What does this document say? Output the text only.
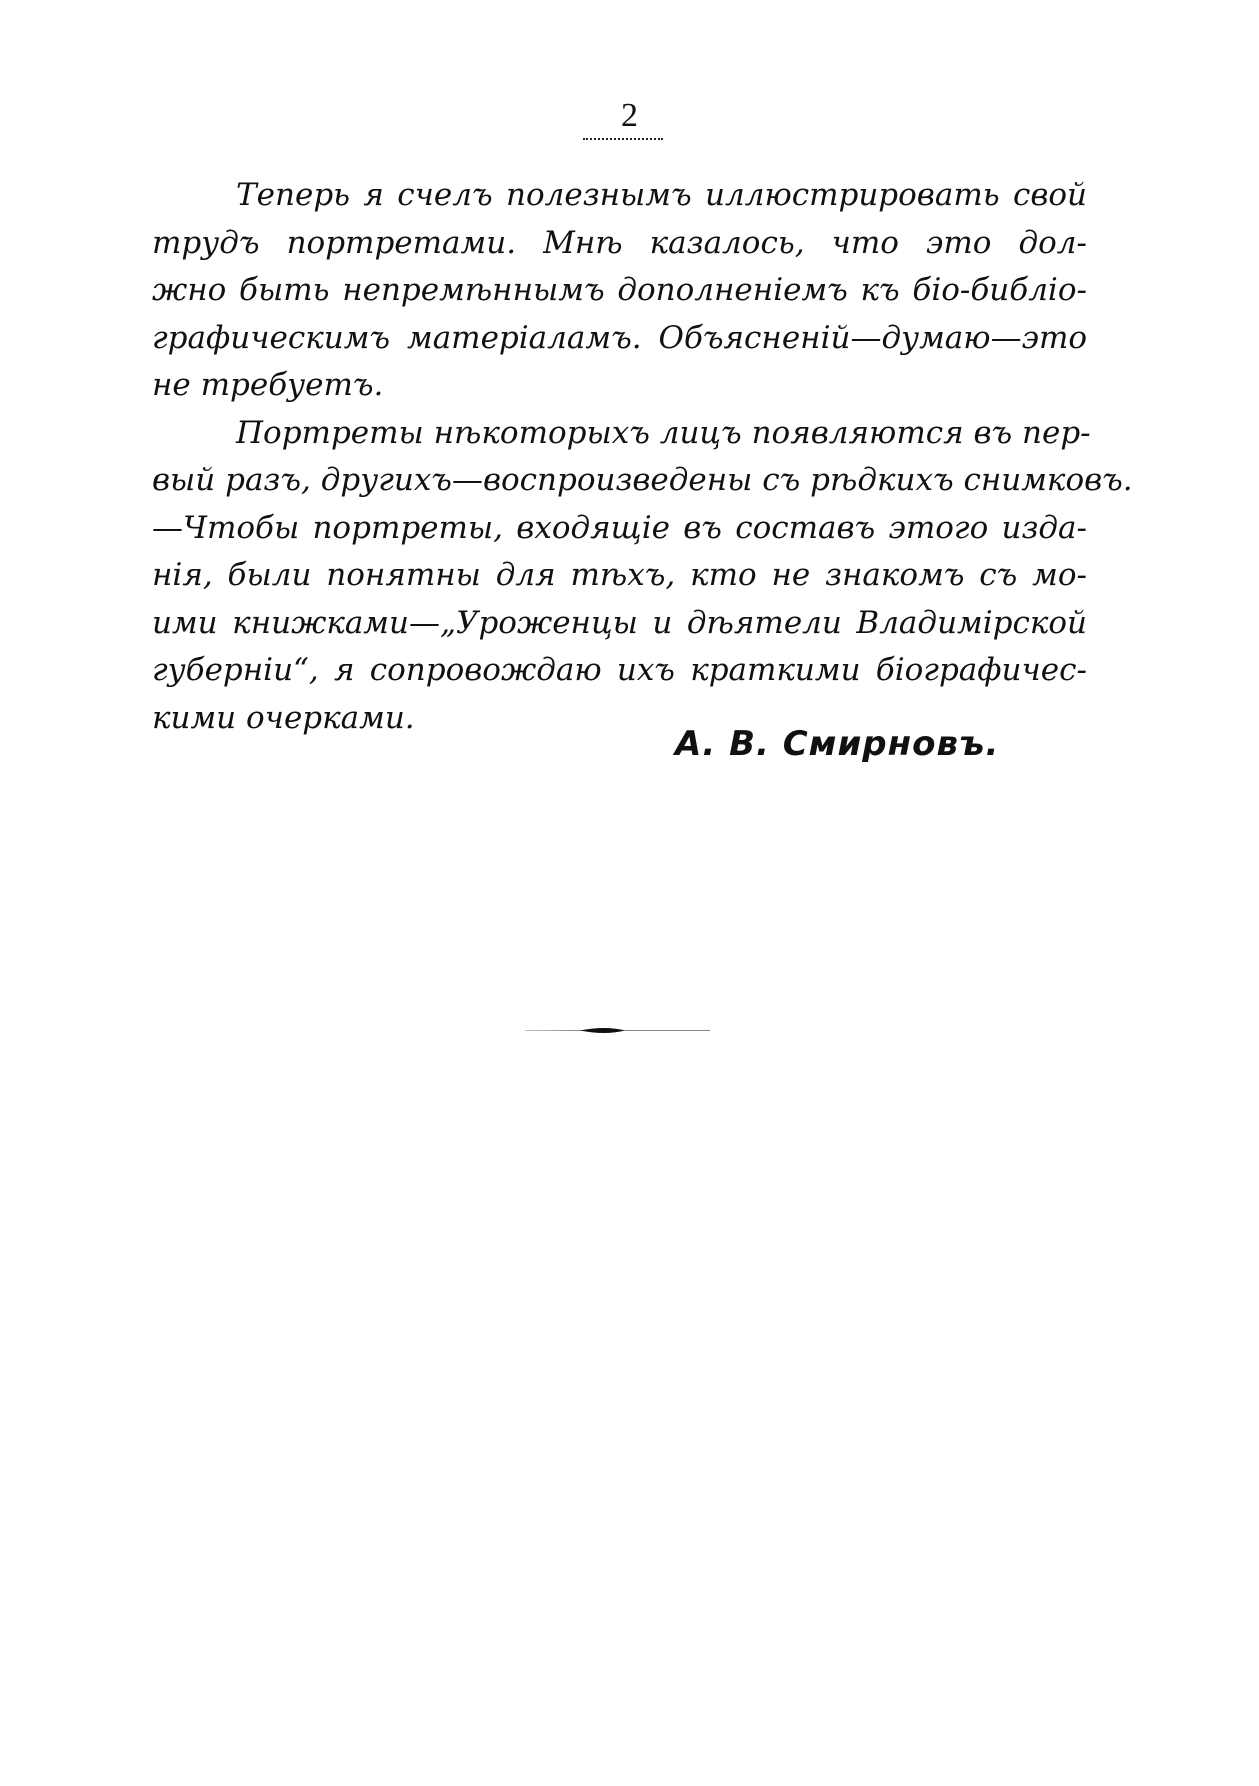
2
Теперь я счелъ полезнымъ иллюстрировать свой
трудъ портретами. Мнѣ казалось, что это дол-
жно быть непремѣннымъ дополненіемъ къ біо-библіо-
графическимъ матеріаламъ. Объясненій—думаю—это
не требуетъ.
Портреты нѣкоторыхъ лицъ появляются въ пер-
вый разъ, другихъ—воспроизведены съ рѣдкихъ снимковъ.
—Чтобы портреты, входящіе въ составъ этого изда-
нія, были понятны для тѣхъ, кто не знакомъ съ мо-
ими книжками—„Уроженцы и дѣятели Владимірской
губерніи“, я сопровождаю ихъ краткими біографичес-
кими очерками.
А. В. Смирновъ.
